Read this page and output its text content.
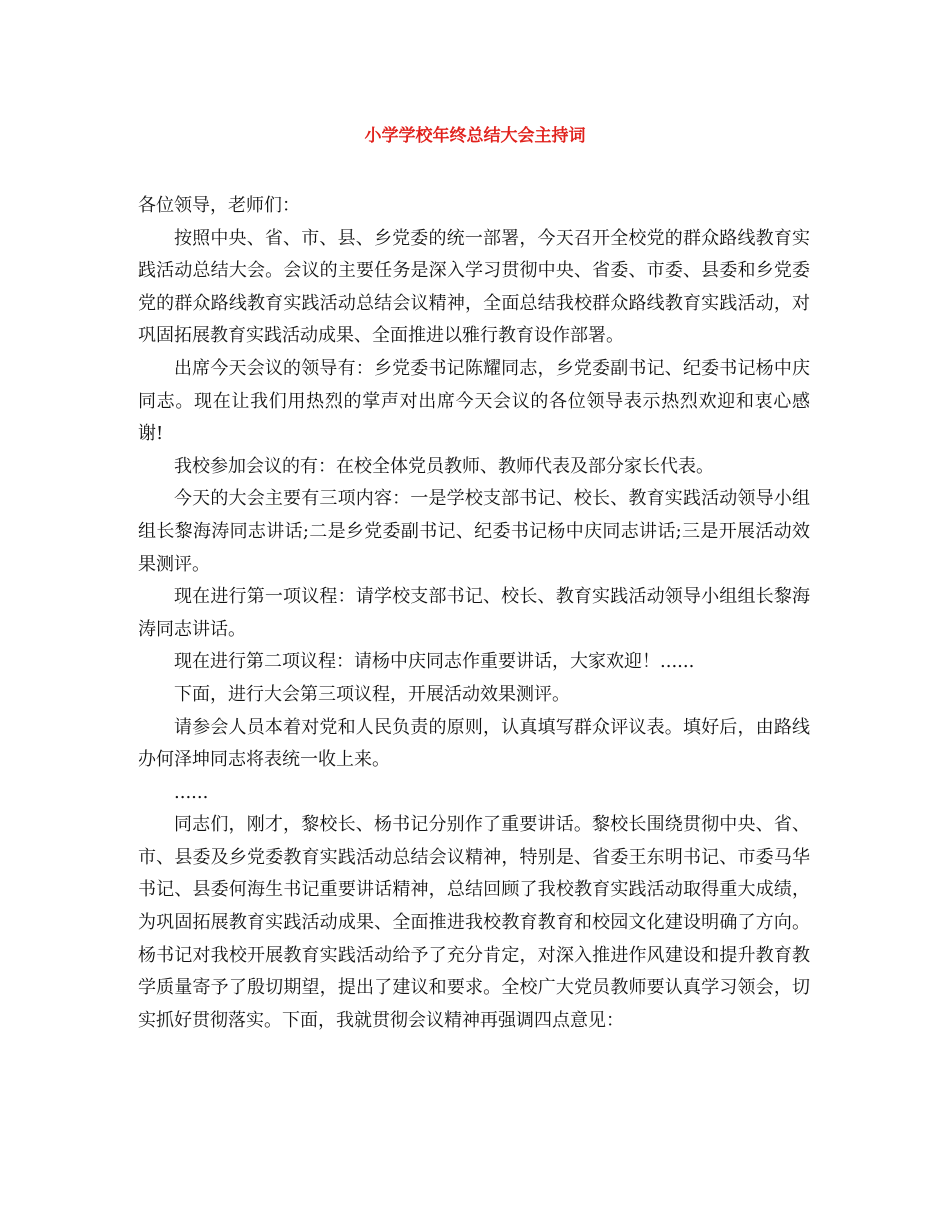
小学学校年终总结大会主持词

各位领导，老师们：

按照中央、省、市、县、乡党委的统一部署，今天召开全校党的群众路线教育实践活动总结大会。会议的主要任务是深入学习贯彻中央、省委、市委、县委和乡党委党的群众路线教育实践活动总结会议精神，全面总结我校群众路线教育实践活动，对巩固拓展教育实践活动成果、全面推进以雅行教育设作部署。

出席今天会议的领导有：乡党委书记陈耀同志，乡党委副书记、纪委书记杨中庆同志。现在让我们用热烈的掌声对出席今天会议的各位领导表示热烈欢迎和衷心感谢!

我校参加会议的有：在校全体党员教师、教师代表及部分家长代表。

今天的大会主要有三项内容：一是学校支部书记、校长、教育实践活动领导小组组长黎海涛同志讲话;二是乡党委副书记、纪委书记杨中庆同志讲话;三是开展活动效果测评。

现在进行第一项议程：请学校支部书记、校长、教育实践活动领导小组组长黎海涛同志讲话。

现在进行第二项议程：请杨中庆同志作重要讲话，大家欢迎！......

下面，进行大会第三项议程，开展活动效果测评。

请参会人员本着对党和人民负责的原则，认真填写群众评议表。填好后，由路线办何泽坤同志将表统一收上来。

......

同志们，刚才，黎校长、杨书记分别作了重要讲话。黎校长围绕贯彻中央、省、市、县委及乡党委教育实践活动总结会议精神，特别是、省委王东明书记、市委马华书记、县委何海生书记重要讲话精神，总结回顾了我校教育实践活动取得重大成绩，为巩固拓展教育实践活动成果、全面推进我校教育教育和校园文化建设明确了方向。杨书记对我校开展教育实践活动给予了充分肯定，对深入推进作风建设和提升教育教学质量寄予了殷切期望，提出了建议和要求。全校广大党员教师要认真学习领会，切实抓好贯彻落实。下面，我就贯彻会议精神再强调四点意见：
